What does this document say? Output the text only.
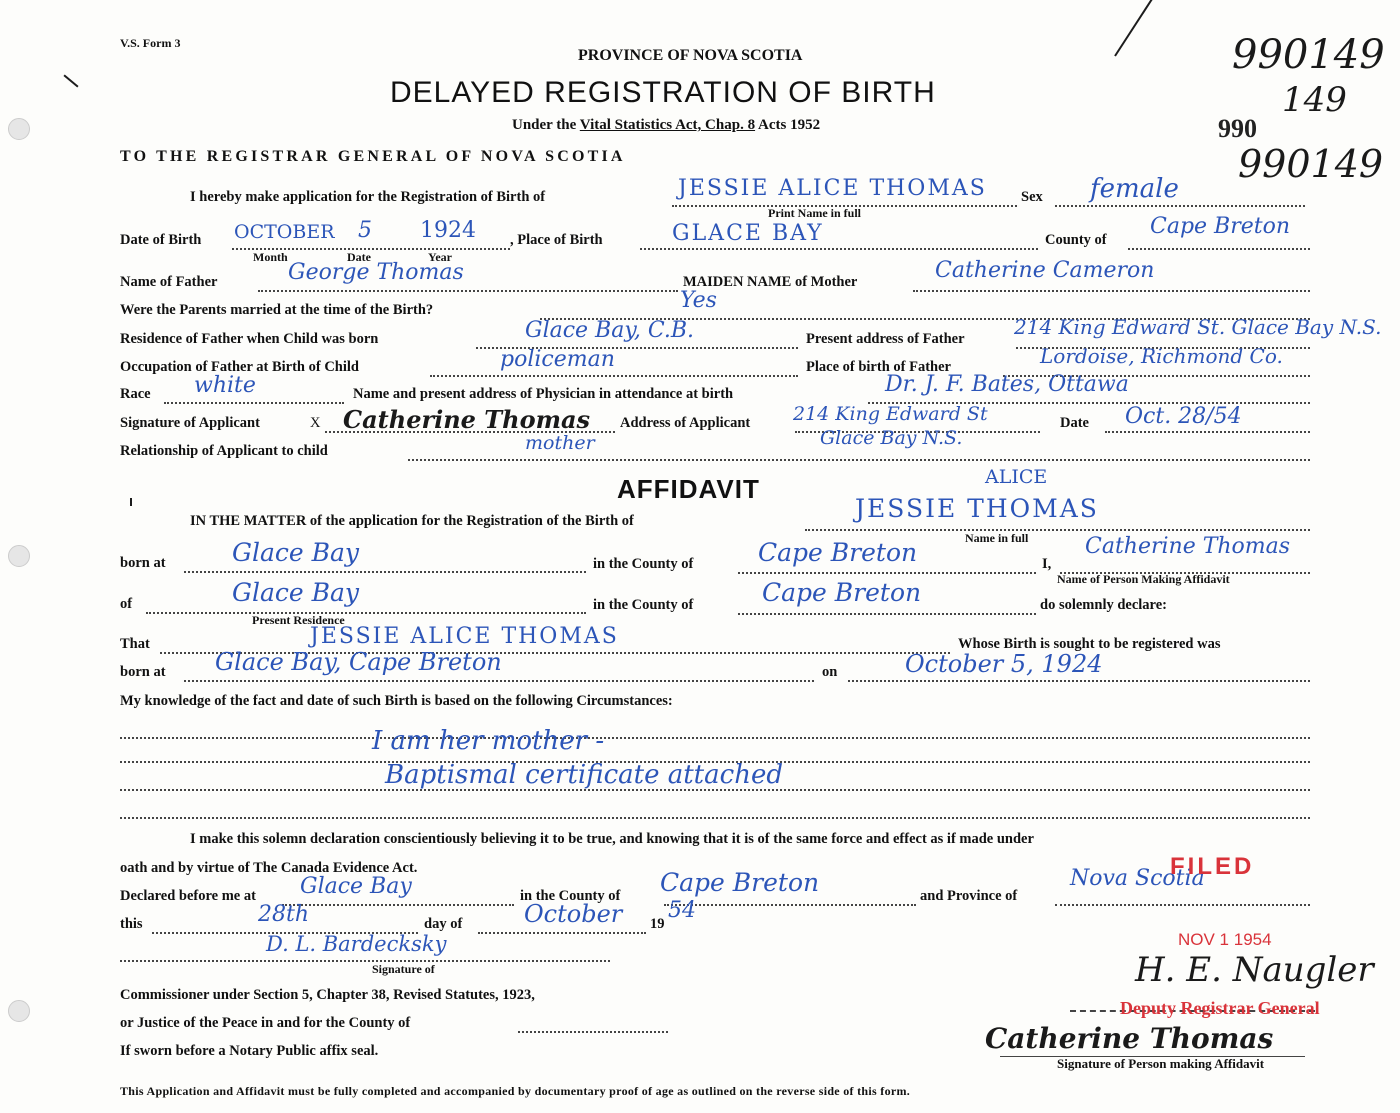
V.S. Form 3
PROVINCE OF NOVA SCOTIA
DELAYED REGISTRATION OF BIRTH
Under the Vital Statistics Act, Chap. 8 Acts 1952
TO THE REGISTRAR GENERAL OF NOVA SCOTIA
990149
149
990
990149
I hereby make application for the Registration of Birth of	JESSIE ALICE THOMAS Sex female
Print Name in full
Date of Birth OCTOBER 5 1924 , Place of Birth	GLACE BAY	County of
Cape Breton
Month	Date	Year
Name of Father	George Thomas	MAIDEN NAME of Mother	Catherine Cameron
Were the Parents married at the time of the Birth?	Yes
Residence of Father when Child was born	Glace Bay, C.B.	Present address of Father 214 King Edward St. Glace Bay N.S.
Occupation of Father at Birth of Child	policeman	Place of birth of Father	Lordoise, Richmond Co.
Race white	Name and present address of Physician in attendance at birth	Dr. J. F. Bates, Ottawa
Signature of Applicant	X Catherine Thomas Address of Applicant 214 King Edward St
Glace Bay N.S.
Date Oct. 28/54
Relationship of Applicant to child	mother
AFFIDAVIT
IN THE MATTER of the application for the Registration of the Birth of
ALICE
JESSIE THOMAS
Name in full
born at	Glace Bay	in the County of	Cape Breton	I,
Catherine Thomas
Name of Person Making Affidavit
of	Glace Bay	in the County of	Cape Breton	do solemnly declare:
Present Residence
That	JESSIE ALICE THOMAS	Whose Birth is sought to be registered was
born at Glace Bay, Cape Breton	on	October 5, 1924
My knowledge of the fact and date of such Birth is based on the following Circumstances:
I am her mother -
Baptismal certificate attached
I make this solemn declaration conscientiously believing it to be true, and knowing that it is of the same force and effect as if made under
oath and by virtue of The Canada Evidence Act.
Declared before me at Glace Bay	in the County of Cape Breton	and Province of
Nova Scotia
this	28th	day of	October 19
54
D. L. Bardecksky
Signature of
Commissioner under Section 5, Chapter 38, Revised Statutes, 1923,
or Justice of the Peace in and for the County of
If sworn before a Notary Public affix seal.
FILED
NOV 1 1954
H. E. Naugler
Deputy Registrar General
Catherine Thomas
Signature of Person making Affidavit
This Application and Affidavit must be fully completed and accompanied by documentary proof of age as outlined on the reverse side of this form.
